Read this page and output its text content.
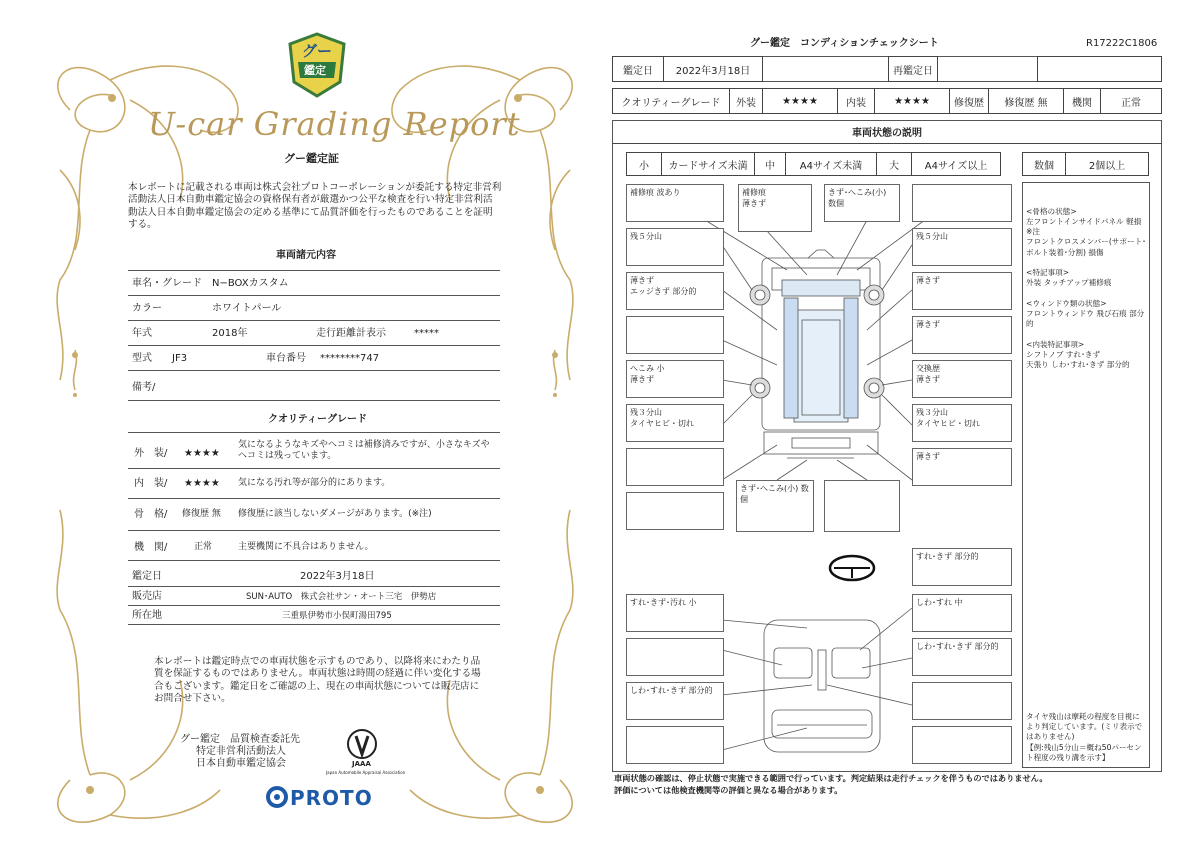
グー
鑑定
U-car Grading Report
グー鑑定証
本レポートに記載される車両は株式会社プロトコーポレーションが委託する特定非営利活動法人日本自動車鑑定協会の資格保有者が厳選かつ公平な検査を行い特定非営利活動法人日本自動車鑑定協会の定める基準にて品質評価を行ったものであることを証明する。
車両諸元内容
車名・グレード N−BOXカスタム
カラー	ホワイトパール
年式	2018年	走行距離計表示	*****
型式 JF3	車台番号 ********747
備考/
クオリティーグレード
外　装/ ★★★★
気になるようなキズやヘコミは補修済みですが、小さなキズやヘコミは残っています。
内　装/ ★★★★ 気になる汚れ等が部分的にあります。
骨　格/ 修復歴 無 修復歴に該当しないダメージがあります。(※注)
機　関/	正常	主要機関に不具合はありません。
鑑定日	2022年3月18日
販売店	SUN･AUTO　株式会社サン・オート三宅　伊勢店
所在地	三重県伊勢市小俣町湯田795
本レポートは鑑定時点での車両状態を示すものであり、以降将来にわたり品質を保証するものではありません。車両状態は時間の経過に伴い変化する場合もございます。鑑定日をご確認の上、現在の車両状態については販売店にお問合せ下さい。
グー鑑定　品質検査委託先
特定非営利活動法人
日本自動車鑑定協会	JAAA
Japan Automobile Appraisal Association
PROTO
グー鑑定　コンディションチェックシート	R17222C1806
鑑定日 2022年3月18日	再鑑定日
クオリティーグレード 外装	★★★★	内装	★★★★ 修復歴 修復歴 無 機関	正常
車両状態の説明
小 カードサイズ未満 中 A4サイズ未満	大	A4サイズ以上	数個	2個以上
補修痕 波あり	補修痕
薄きず
きず･へこみ(小) 数個
残５分山	残５分山
薄きず
エッジきず 部分的
薄きず
薄きず
へこみ 小
薄きず
交換歴
薄きず
残３分山
タイヤヒビ・切れ
残３分山
タイヤヒビ・切れ
薄きず
きず･へこみ(小) 数個
すれ･きず 部分的
すれ･きず･汚れ 小	しわ･すれ 中
しわ･すれ･きず 部分的
しわ･すれ･きず 部分的

<骨格の状態>
左フロントインサイドパネル 軽損
※注
フロントクロスメンバー(サポート･ボルト装着･分割) 損傷

<特記事項>
外装 タッチアップ補修痕

<ウィンドウ類の状態>
フロントウィンドウ 飛び石痕 部分的

<内装特記事項>
シフトノブ すれ･きず
天張り しわ･すれ･きず 部分的

タイヤ残山は摩耗の程度を目視により判定しています。(ミリ表示ではありません)
【例:残山5分山＝概ね50パーセント程度の残り溝を示す】

車両状態の確認は、停止状態で実施できる範囲で行っています。判定結果は走行チェックを伴うものではありません。
評価については他検査機関等の評価と異なる場合があります。
